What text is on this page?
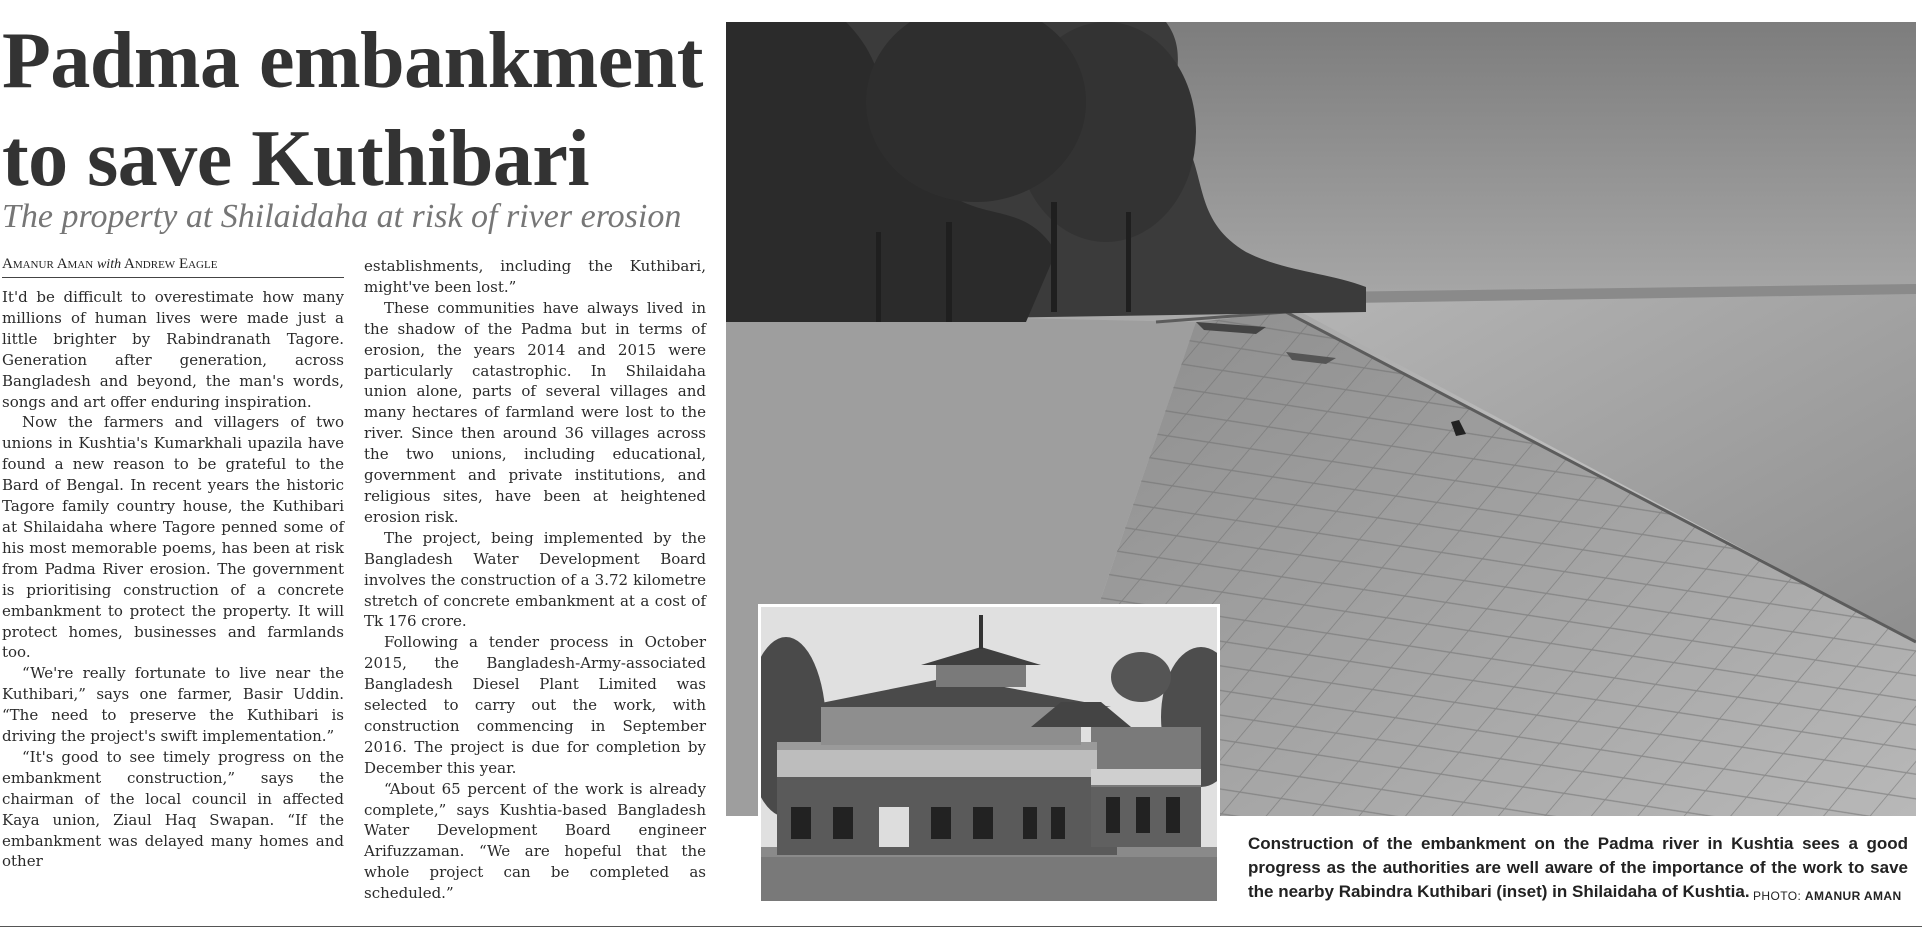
Padma embankment
to save Kuthibari
The property at Shilaidaha at risk of river erosion
Amanur Aman with Andrew Eagle

It'd be difficult to overestimate how many millions of human lives were made just a little brighter by Rabindranath Tagore. Generation after generation, across Bangladesh and beyond, the man's words, songs and art offer enduring inspiration.

Now the farmers and villagers of two unions in Kushtia's Kumarkhali upazila have found a new reason to be grateful to the Bard of Bengal. In recent years the historic Tagore family country house, the Kuthibari at Shilaidaha where Tagore penned some of his most memorable poems, has been at risk from Padma River erosion. The government is prioritising construction of a concrete embankment to protect the property. It will protect homes, businesses and farmlands too.

“We're really fortunate to live near the Kuthibari,” says one farmer, Basir Uddin. “The need to preserve the Kuthibari is driving the project's swift implementation.”

“It's good to see timely progress on the embankment construction,” says the chairman of the local council in affected Kaya union, Ziaul Haq Swapan. “If the embankment was delayed many homes and other

establishments, including the Kuthibari, might've been lost.”

These communities have always lived in the shadow of the Padma but in terms of erosion, the years 2014 and 2015 were particularly catastrophic. In Shilaidaha union alone, parts of several villages and many hectares of farmland were lost to the river. Since then around 36 villages across the two unions, including educational, government and private institutions, and religious sites, have been at heightened erosion risk.

The project, being implemented by the Bangladesh Water Development Board involves the construction of a 3.72 kilometre stretch of concrete embankment at a cost of Tk 176 crore.

Following a tender process in October 2015, the Bangladesh-Army-associated Bangladesh Diesel Plant Limited was selected to carry out the work, with construction commencing in September 2016. The project is due for completion by December this year.

“About 65 percent of the work is already complete,” says Kushtia-based Bangladesh Water Development Board engineer Arifuzzaman. “We are hopeful that the whole project can be completed as scheduled.”

Construction of the embankment on the Padma river in Kushtia sees a good progress as the authorities are well aware of the importance of the work to save the nearby Rabindra Kuthibari (inset) in Shilaidaha of Kushtia. PHOTO: AMANUR AMAN
